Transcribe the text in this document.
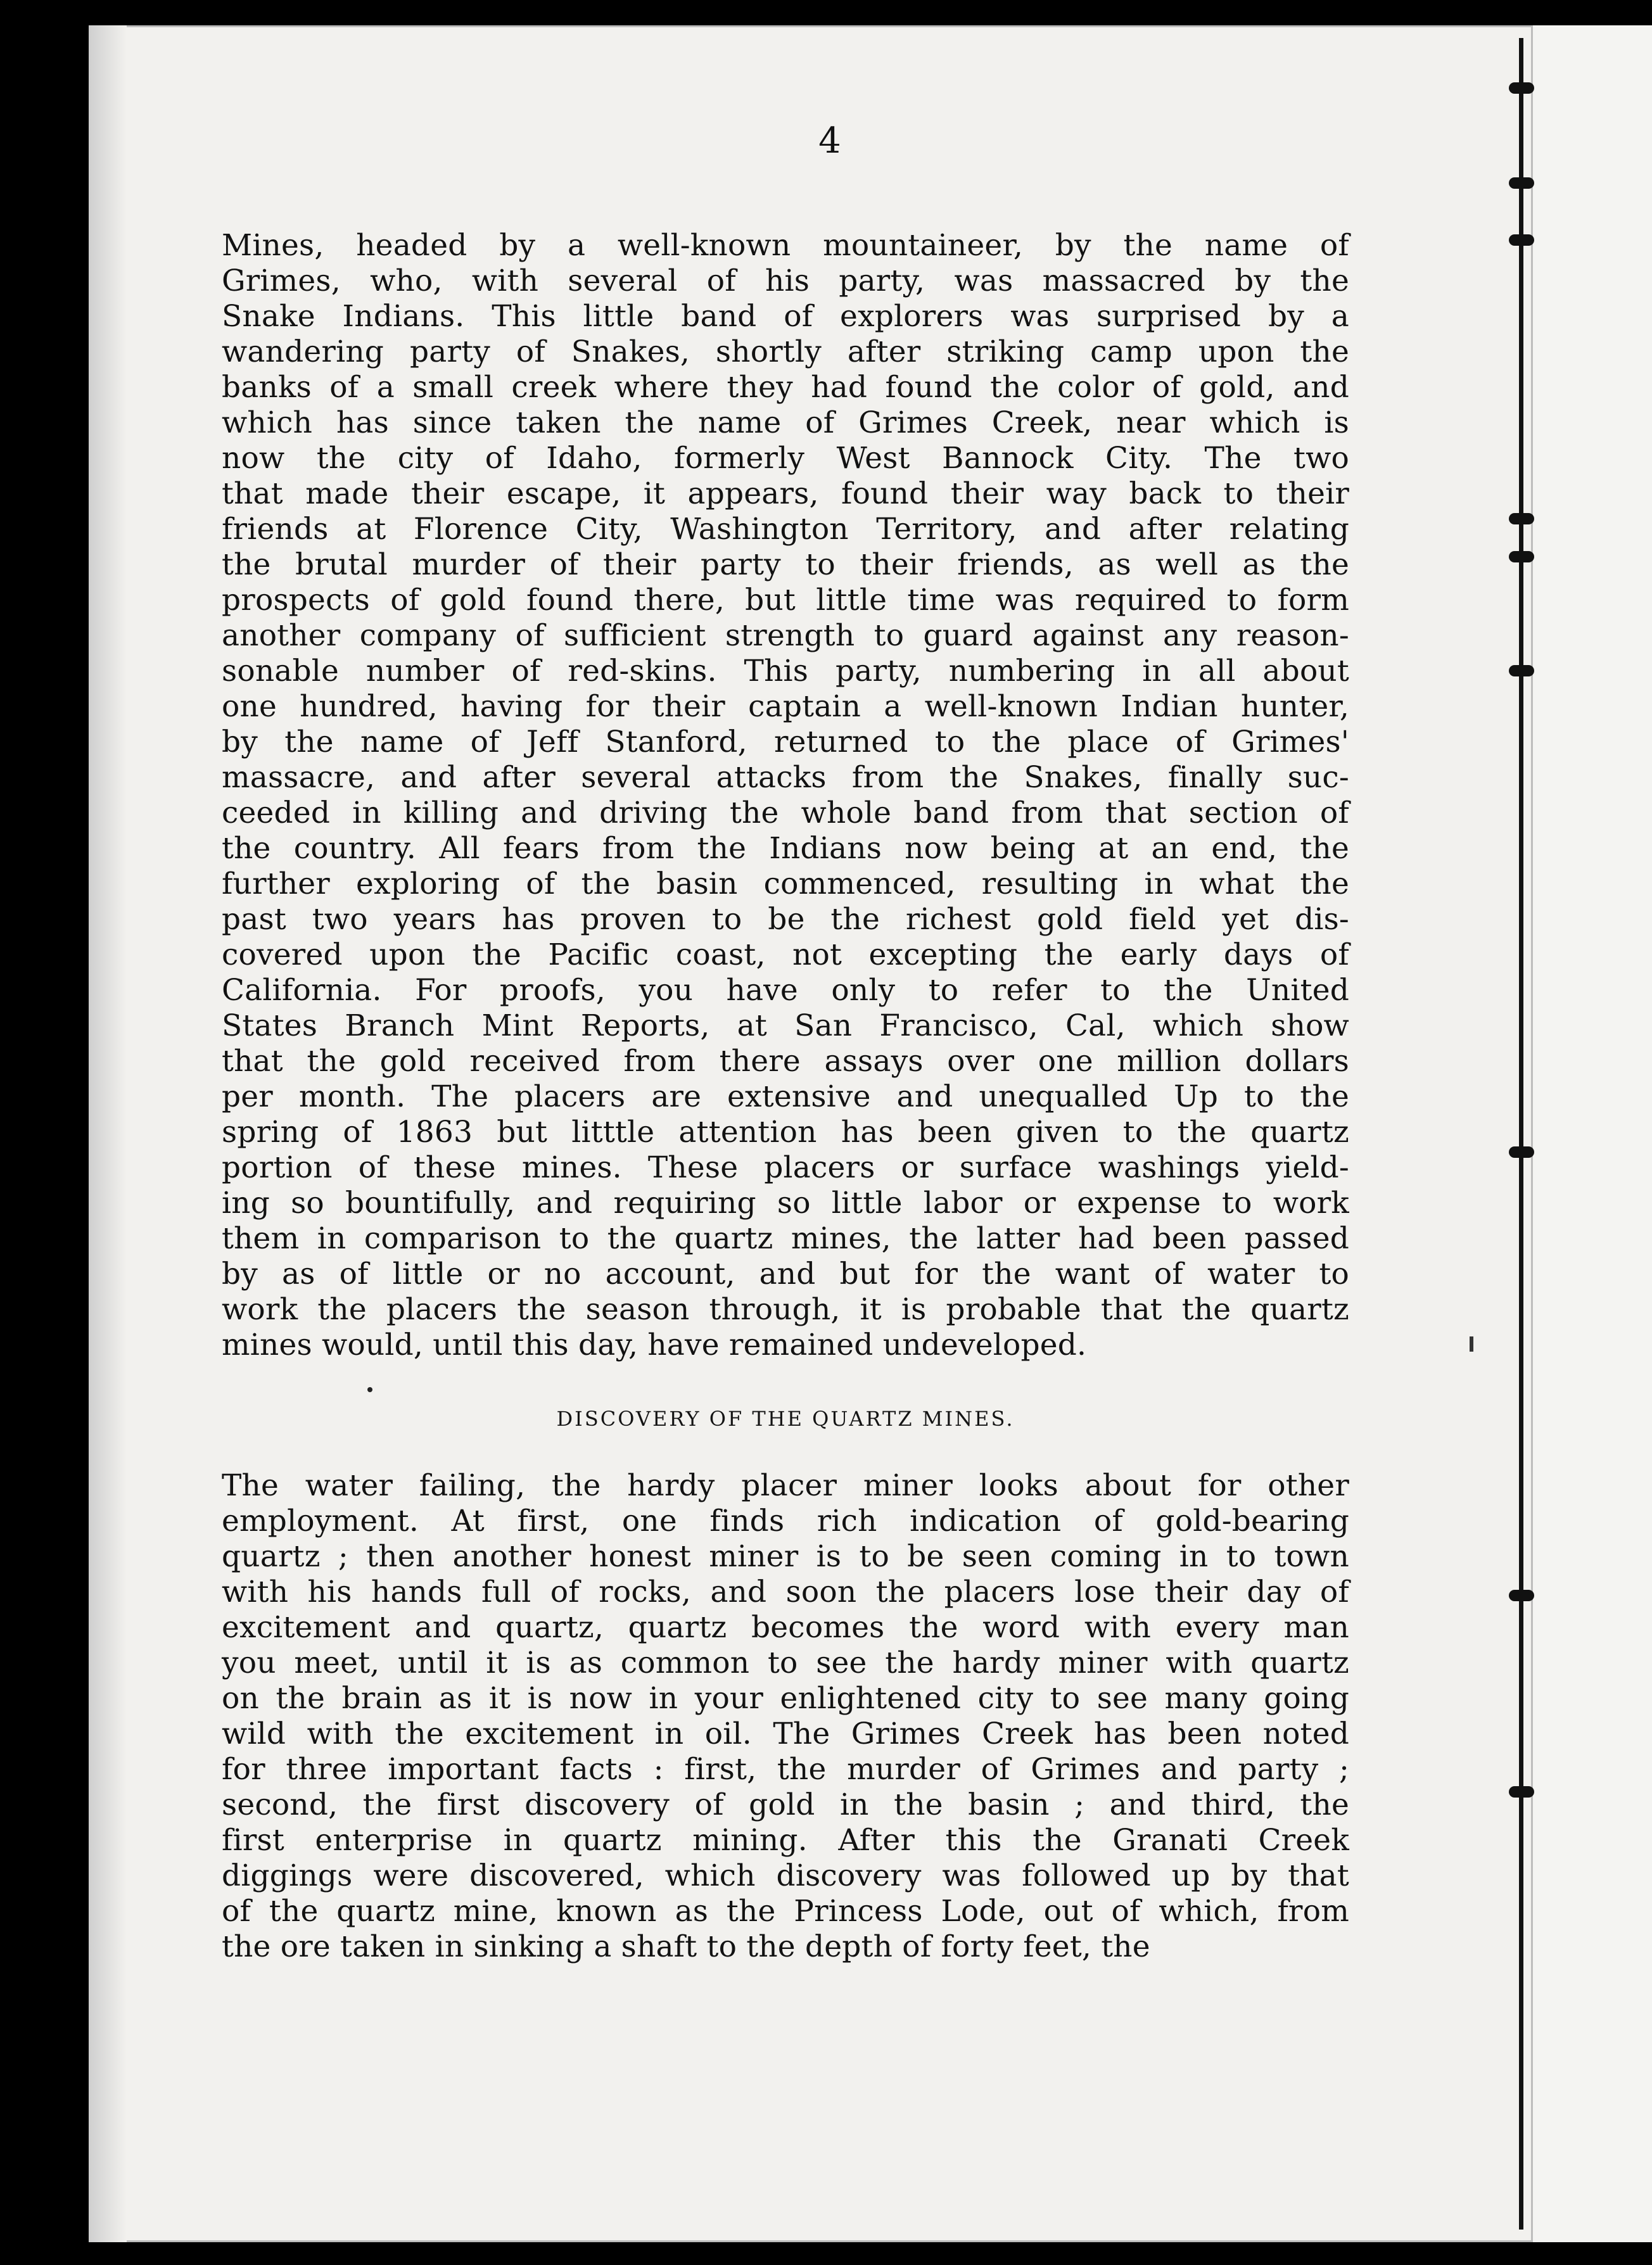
4
Mines, headed by a well-known mountaineer, by the name of
Grimes, who, with several of his party, was massacred by the
Snake Indians. This little band of explorers was surprised by a
wandering party of Snakes, shortly after striking camp upon the
banks of a small creek where they had found the color of gold, and
which has since taken the name of Grimes Creek, near which is
now the city of Idaho, formerly West Bannock City. The two
that made their escape, it appears, found their way back to their
friends at Florence City, Washington Territory, and after relating
the brutal murder of their party to their friends, as well as the
prospects of gold found there, but little time was required to form
another company of sufficient strength to guard against any reason-
sonable number of red-skins. This party, numbering in all about
one hundred, having for their captain a well-known Indian hunter,
by the name of Jeff Stanford, returned to the place of Grimes'
massacre, and after several attacks from the Snakes, finally suc-
ceeded in killing and driving the whole band from that section of
the country. All fears from the Indians now being at an end, the
further exploring of the basin commenced, resulting in what the
past two years has proven to be the richest gold field yet dis-
covered upon the Pacific coast, not excepting the early days of
California. For proofs, you have only to refer to the United
States Branch Mint Reports, at San Francisco, Cal, which show
that the gold received from there assays over one million dollars
per month. The placers are extensive and unequalled Up to the
spring of 1863 but litttle attention has been given to the quartz
portion of these mines. These placers or surface washings yield-
ing so bountifully, and requiring so little labor or expense to work
them in comparison to the quartz mines, the latter had been passed
by as of little or no account, and but for the want of water to
work the placers the season through, it is probable that the quartz
mines would, until this day, have remained undeveloped.
DISCOVERY OF THE QUARTZ MINES.
The water failing, the hardy placer miner looks about for other
employment. At first, one finds rich indication of gold-bearing
quartz ; then another honest miner is to be seen coming in to town
with his hands full of rocks, and soon the placers lose their day of
excitement and quartz, quartz becomes the word with every man
you meet, until it is as common to see the hardy miner with quartz
on the brain as it is now in your enlightened city to see many going
wild with the excitement in oil. The Grimes Creek has been noted
for three important facts : first, the murder of Grimes and party ;
second, the first discovery of gold in the basin ; and third, the
first enterprise in quartz mining. After this the Granati Creek
diggings were discovered, which discovery was followed up by that
of the quartz mine, known as the Princess Lode, out of which, from
the ore taken in sinking a shaft to the depth of forty feet, the
